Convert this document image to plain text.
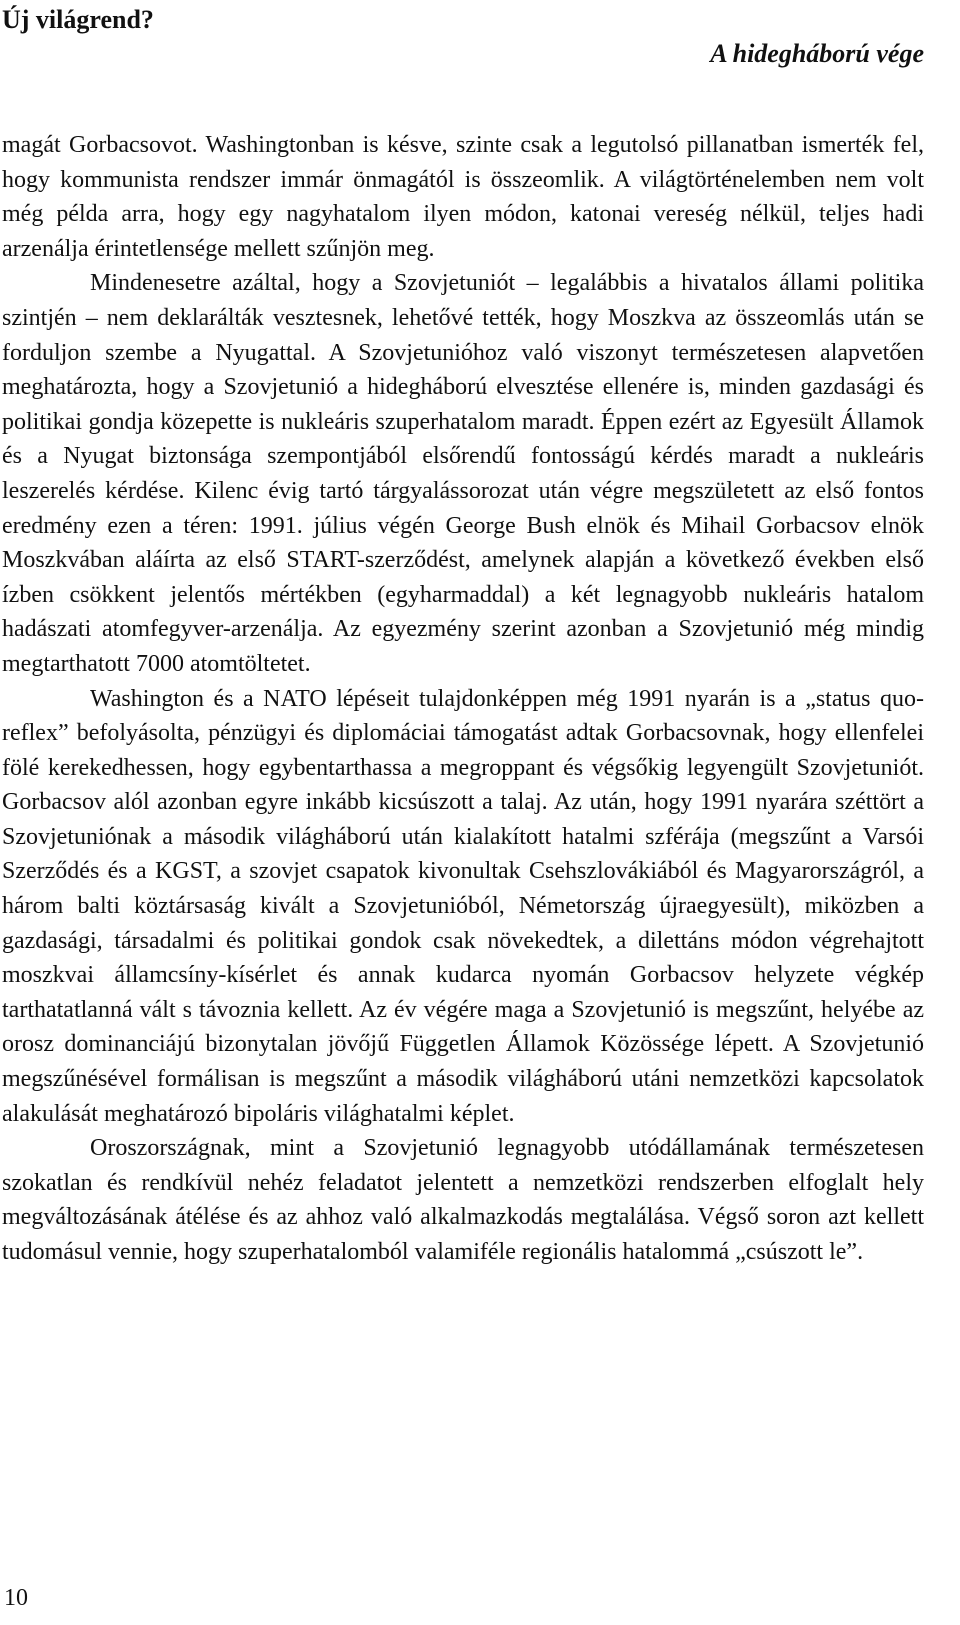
Új világrend?
A hidegháború vége

magát Gorbacsovot. Washingtonban is késve, szinte csak a legutolsó pillanatban ismerték fel, hogy kommunista rendszer immár önmagától is összeomlik. A világtörténelemben nem volt még példa arra, hogy egy nagyhatalom ilyen módon, katonai vereség nélkül, teljes hadi arzenálja érintetlensége mellett szűnjön meg.

Mindenesetre azáltal, hogy a Szovjetuniót – legalábbis a hivatalos állami politika szintjén – nem deklarálták vesztesnek, lehetővé tették, hogy Moszkva az összeomlás után se forduljon szembe a Nyugattal. A Szovjetunióhoz való viszonyt természetesen alapvetően meghatározta, hogy a Szovjetunió a hidegháború elvesztése ellenére is, minden gazdasági és politikai gondja közepette is nukleáris szuperhatalom maradt. Éppen ezért az Egyesült Államok és a Nyugat biztonsága szempontjából elsőrendű fontosságú kérdés maradt a nukleáris leszerelés kérdése. Kilenc évig tartó tárgyalássorozat után végre megszületett az első fontos eredmény ezen a téren: 1991. július végén George Bush elnök és Mihail Gorbacsov elnök Moszkvában aláírta az első START-szerződést, amelynek alapján a következő években első ízben csökkent jelentős mértékben (egyharmaddal) a két legnagyobb nukleáris hatalom hadászati atomfegyver-arzenálja. Az egyezmény szerint azonban a Szovjetunió még mindig megtarthatott 7000 atomtöltetet.

Washington és a NATO lépéseit tulajdonképpen még 1991 nyarán is a „status quo-reflex” befolyásolta, pénzügyi és diplomáciai támogatást adtak Gorbacsovnak, hogy ellenfelei fölé kerekedhessen, hogy egybentarthassa a megroppant és végsőkig legyengült Szovjetuniót. Gorbacsov alól azonban egyre inkább kicsúszott a talaj. Az után, hogy 1991 nyarára széttört a Szovjetuniónak a második világháború után kialakított hatalmi szférája (megszűnt a Varsói Szerződés és a KGST, a szovjet csapatok kivonultak Csehszlovákiából és Magyarországról, a három balti köztársaság kivált a Szovjetunióból, Németország újraegyesült), miközben a gazdasági, társadalmi és politikai gondok csak növekedtek, a dilettáns módon végrehajtott moszkvai államcsíny-kísérlet és annak kudarca nyomán Gorbacsov helyzete végkép tarthatatlanná vált s távoznia kellett. Az év végére maga a Szovjetunió is megszűnt, helyébe az orosz dominanciájú bizonytalan jövőjű Független Államok Közössége lépett. A Szovjetunió megszűnésével formálisan is megszűnt a második világháború utáni nemzetközi kapcsolatok alakulását meghatározó bipoláris világhatalmi képlet.

Oroszországnak, mint a Szovjetunió legnagyobb utódállamának természetesen szokatlan és rendkívül nehéz feladatot jelentett a nemzetközi rendszerben elfoglalt hely megváltozásának átélése és az ahhoz való alkalmazkodás megtalálása. Végső soron azt kellett tudomásul vennie, hogy szuperhatalomból valamiféle regionális hatalommá „csúszott le”.

10
